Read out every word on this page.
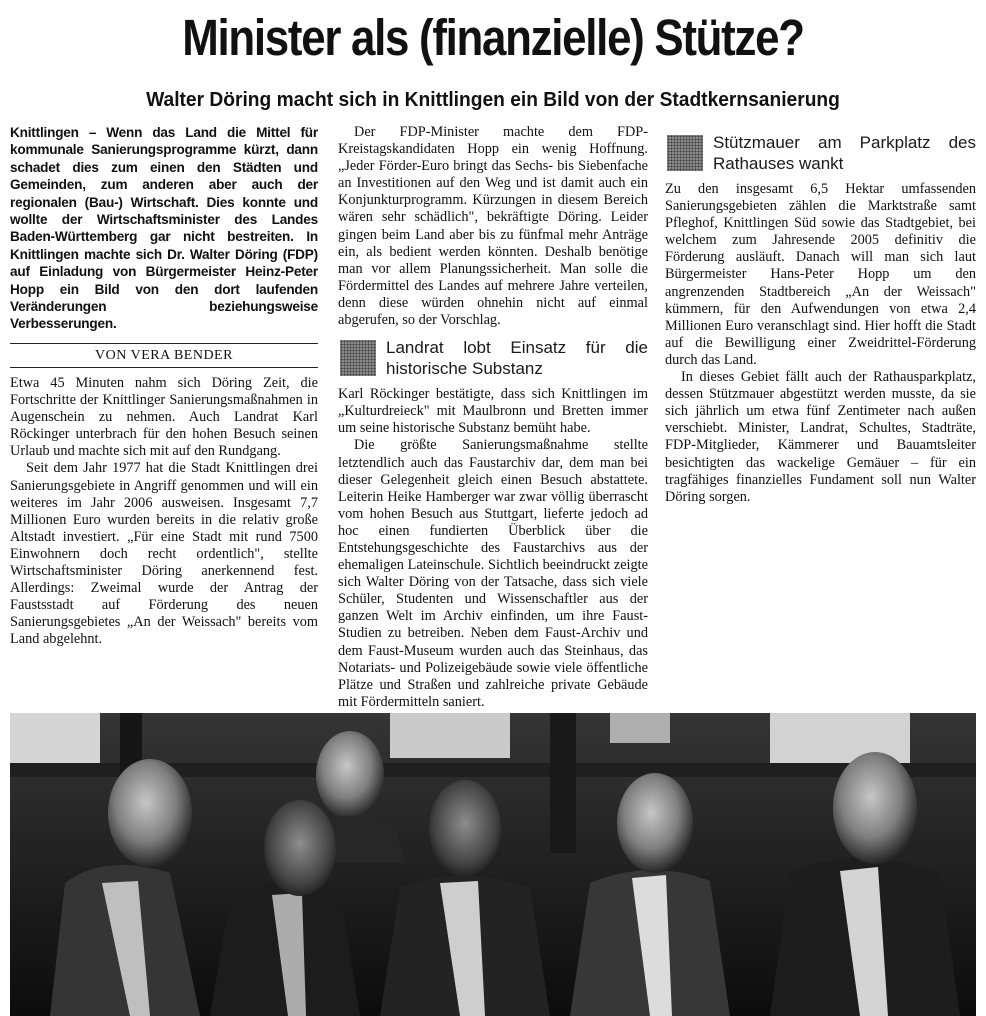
Minister als (finanzielle) Stütze?
Walter Döring macht sich in Knittlingen ein Bild von der Stadtkernsanierung

Knittlingen – Wenn das Land die Mittel für kommunale Sanierungsprogramme kürzt, dann schadet dies zum einen den Städten und Gemeinden, zum anderen aber auch der regionalen (Bau-) Wirtschaft. Dies konnte und wollte der Wirtschaftsminister des Landes Baden-Württemberg gar nicht bestreiten. In Knittlingen machte sich Dr. Walter Döring (FDP) auf Einladung von Bürgermeister Heinz-Peter Hopp ein Bild von den dort laufenden Veränderungen beziehungsweise Verbesserungen.

VON VERA BENDER

Etwa 45 Minuten nahm sich Döring Zeit, die Fortschritte der Knittlinger Sanierungsmaßnahmen in Augenschein zu nehmen. Auch Landrat Karl Röckinger unterbrach für den hohen Besuch seinen Urlaub und machte sich mit auf den Rundgang.

Seit dem Jahr 1977 hat die Stadt Knittlingen drei Sanierungsgebiete in Angriff genommen und will ein weiteres im Jahr 2006 ausweisen. Insgesamt 7,7 Millionen Euro wurden bereits in die relativ große Altstadt investiert. „Für eine Stadt mit rund 7500 Einwohnern doch recht ordentlich", stellte Wirtschaftsminister Döring anerkennend fest. Allerdings: Zweimal wurde der Antrag der Faustsstadt auf Förderung des neuen Sanierungsgebietes „An der Weissach" bereits vom Land abgelehnt.

Der FDP-Minister machte dem FDP-Kreistagskandidaten Hopp ein wenig Hoffnung. „Jeder Förder-Euro bringt das Sechs- bis Siebenfache an Investitionen auf den Weg und ist damit auch ein Konjunkturprogramm. Kürzungen in diesem Bereich wären sehr schädlich", bekräftigte Döring. Leider gingen beim Land aber bis zu fünfmal mehr Anträge ein, als bedient werden könnten. Deshalb benötige man vor allem Planungssicherheit. Man solle die Fördermittel des Landes auf mehrere Jahre verteilen, denn diese würden ohnehin nicht auf einmal abgerufen, so der Vorschlag.

Landrat lobt Einsatz für die historische Substanz

Karl Röckinger bestätigte, dass sich Knittlingen im „Kulturdreieck" mit Maulbronn und Bretten immer um seine historische Substanz bemüht habe.

Die größte Sanierungsmaßnahme stellte letztendlich auch das Faustarchiv dar, dem man bei dieser Gelegenheit gleich einen Besuch abstattete. Leiterin Heike Hamberger war zwar völlig überrascht vom hohen Besuch aus Stuttgart, lieferte jedoch ad hoc einen fundierten Überblick über die Entstehungsgeschichte des Faustarchivs aus der ehemaligen Lateinschule. Sichtlich beeindruckt zeigte sich Walter Döring von der Tatsache, dass sich viele Schüler, Studenten und Wissenschaftler aus der ganzen Welt im Archiv einfinden, um ihre Faust-Studien zu betreiben. Neben dem Faust-Archiv und dem Faust-Museum wurden auch das Steinhaus, das Notariats- und Polizeigebäude sowie viele öffentliche Plätze und Straßen und zahlreiche private Gebäude mit Fördermitteln saniert.

Stützmauer am Parkplatz des Rathauses wankt

Zu den insgesamt 6,5 Hektar umfassenden Sanierungsgebieten zählen die Marktstraße samt Pfleghof, Knittlingen Süd sowie das Stadtgebiet, bei welchem zum Jahresende 2005 definitiv die Förderung ausläuft. Danach will man sich laut Bürgermeister Hans-Peter Hopp um den angrenzenden Stadtbereich „An der Weissach" kümmern, für den Aufwendungen von etwa 2,4 Millionen Euro veranschlagt sind. Hier hofft die Stadt auf die Bewilligung einer Zweidrittel-Förderung durch das Land.

In dieses Gebiet fällt auch der Rathausparkplatz, dessen Stützmauer abgestützt werden musste, da sie sich jährlich um etwa fünf Zentimeter nach außen verschiebt. Minister, Landrat, Schultes, Stadträte, FDP-Mitglieder, Kämmerer und Bauamtsleiter besichtigten das wackelige Gemäuer – für ein tragfähiges finanzielles Fundament soll nun Walter Döring sorgen.
